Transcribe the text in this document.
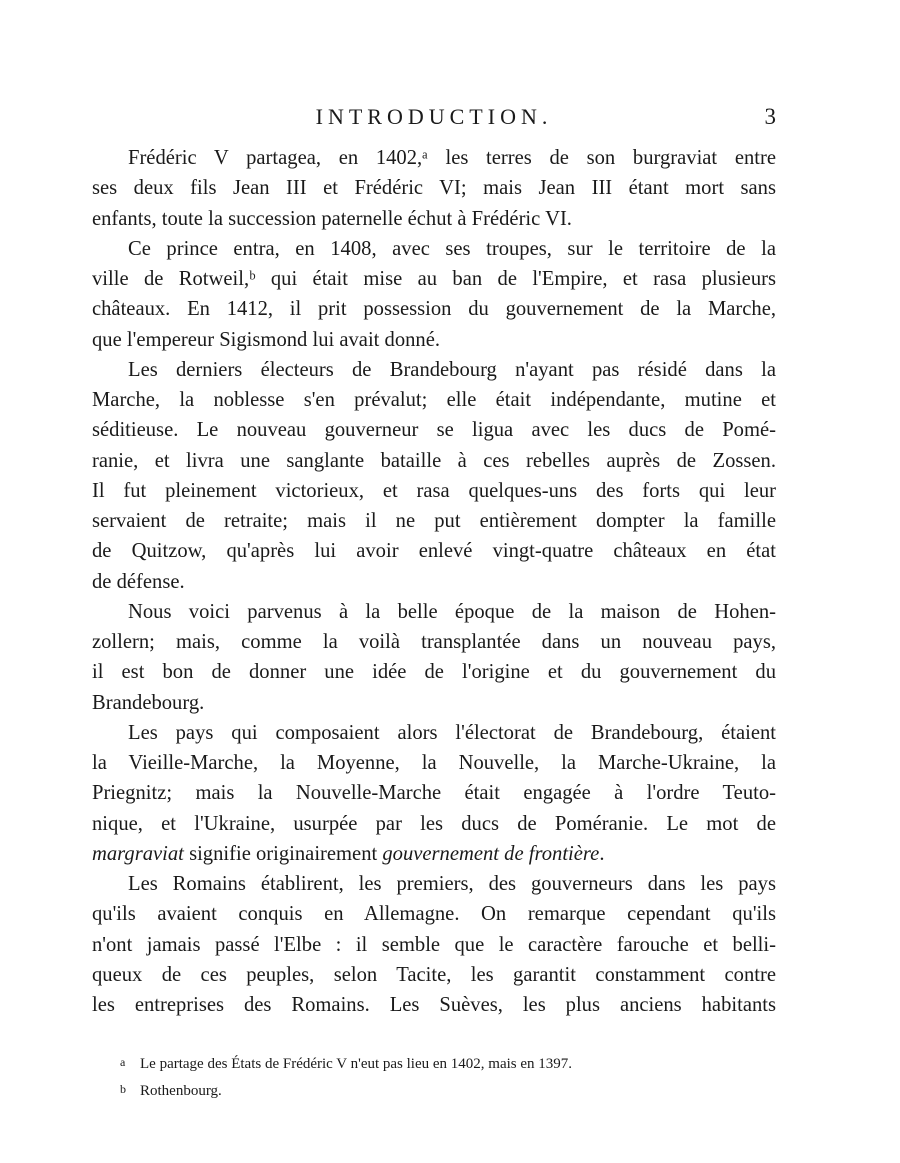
INTRODUCTION.	3
Frédéric V partagea, en 1402,ᵃ les terres de son burgraviat entre
ses deux fils Jean III et Frédéric VI; mais Jean III étant mort sans
enfants, toute la succession paternelle échut à Frédéric VI.
Ce prince entra, en 1408, avec ses troupes, sur le territoire de la
ville de Rotweil,ᵇ qui était mise au ban de l'Empire, et rasa plusieurs
châteaux. En 1412, il prit possession du gouvernement de la Marche,
que l'empereur Sigismond lui avait donné.
Les derniers électeurs de Brandebourg n'ayant pas résidé dans la
Marche, la noblesse s'en prévalut; elle était indépendante, mutine et
séditieuse. Le nouveau gouverneur se ligua avec les ducs de Pomé-
ranie, et livra une sanglante bataille à ces rebelles auprès de Zossen.
Il fut pleinement victorieux, et rasa quelques-uns des forts qui leur
servaient de retraite; mais il ne put entièrement dompter la famille
de Quitzow, qu'après lui avoir enlevé vingt-quatre châteaux en état
de défense.
Nous voici parvenus à la belle époque de la maison de Hohen-
zollern; mais, comme la voilà transplantée dans un nouveau pays,
il est bon de donner une idée de l'origine et du gouvernement du
Brandebourg.
Les pays qui composaient alors l'électorat de Brandebourg, étaient
la Vieille-Marche, la Moyenne, la Nouvelle, la Marche-Ukraine, la
Priegnitz; mais la Nouvelle-Marche était engagée à l'ordre Teuto-
nique, et l'Ukraine, usurpée par les ducs de Poméranie. Le mot de
margraviat signifie originairement gouvernement de frontière.
Les Romains établirent, les premiers, des gouverneurs dans les pays
qu'ils avaient conquis en Allemagne. On remarque cependant qu'ils
n'ont jamais passé l'Elbe : il semble que le caractère farouche et belli-
queux de ces peuples, selon Tacite, les garantit constamment contre
les entreprises des Romains. Les Suèves, les plus anciens habitants
a Le partage des États de Frédéric V n'eut pas lieu en 1402, mais en 1397.
b Rothenbourg.
